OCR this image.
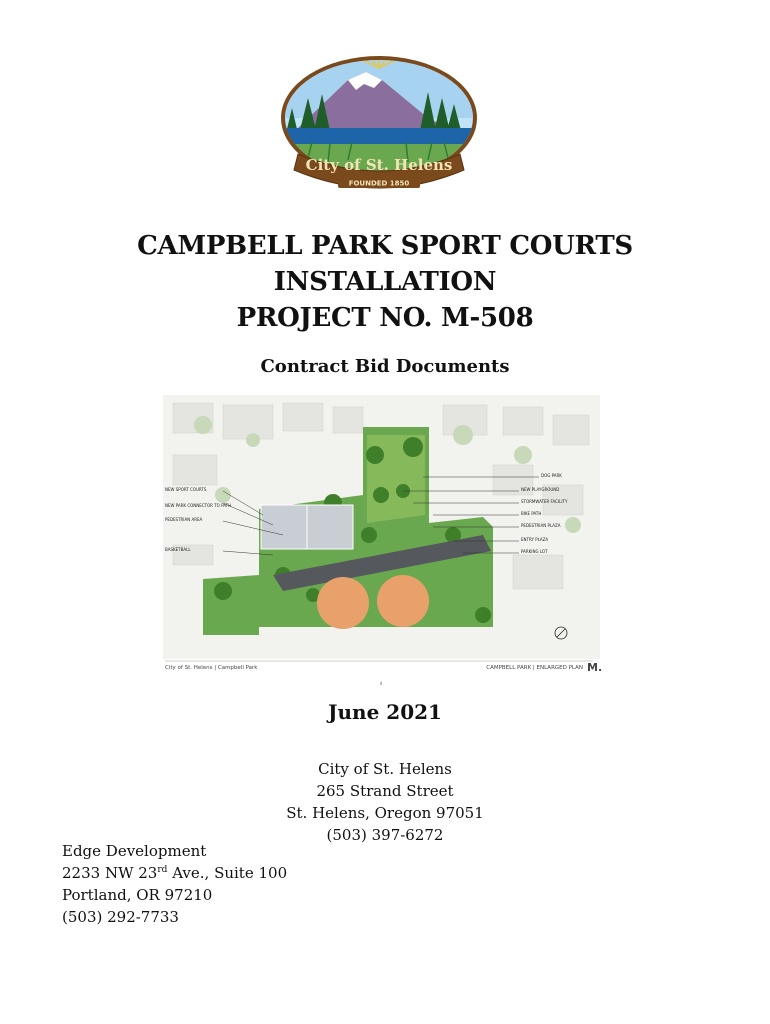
City of St. Helens
FOUNDED 1850
CAMPBELL PARK SPORT COURTS
INSTALLATION
PROJECT NO. M-508
Contract Bid Documents
NEW SPORT COURTS
NEW PARK CONNECTOR TO PATH
PEDESTRIAN AREA
BASKETBALL
DOG PARK
NEW PLAYGROUND
STORMWATER FACILITY
BIKE PATH
PEDESTRIAN PLAZA
ENTRY PLAZA
PARKING LOT
City of St. Helens | Campbell Park	CAMPBELL PARK | ENLARGED PLAN M.
4
June 2021
City of St. Helens
265 Strand Street
St. Helens, Oregon 97051
(503) 397-6272
Edge Development
2233 NW 23rd Ave., Suite 100
Portland, OR 97210
(503) 292-7733
